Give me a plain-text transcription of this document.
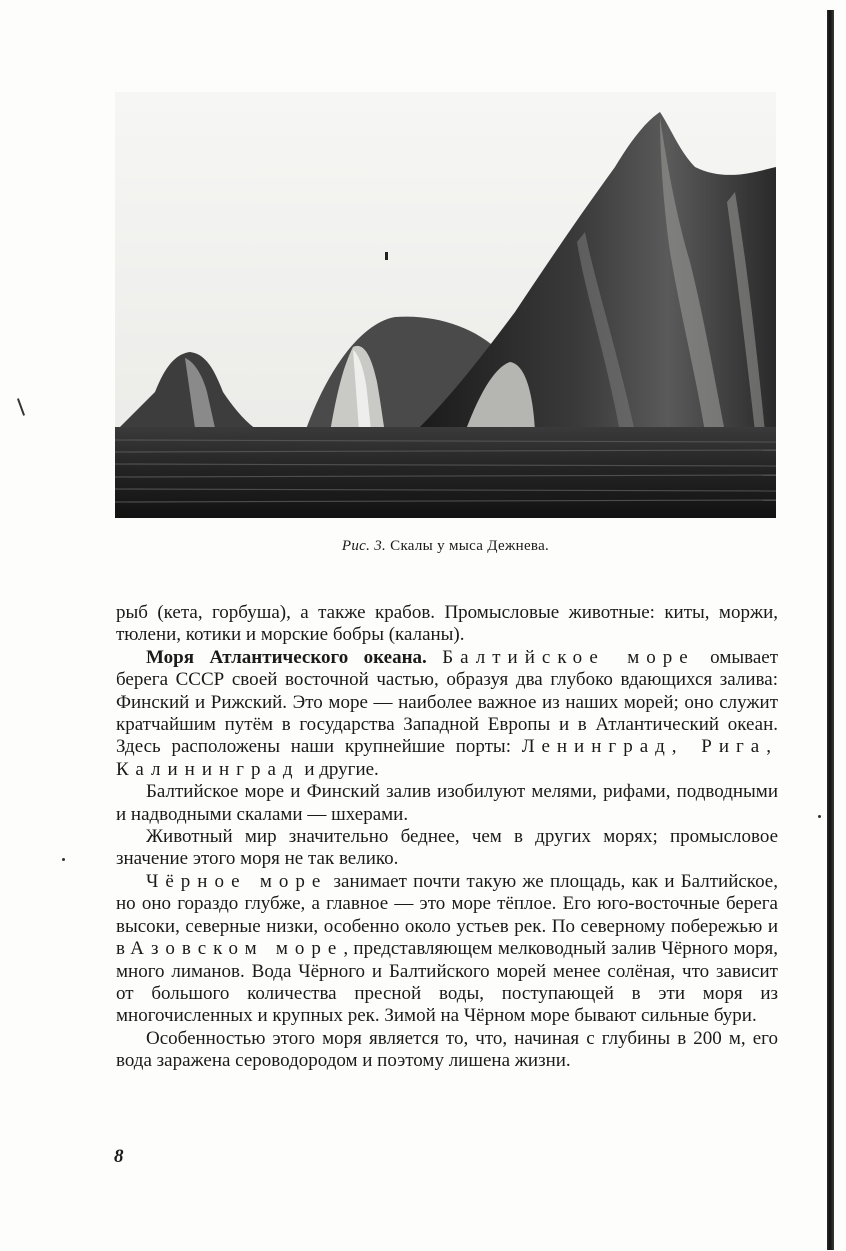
Рис. 3. Скалы у мыса Дежнева.

рыб (кета, горбуша), а также крабов. Промысловые животные: киты, моржи, тюлени, котики и морские бобры (каланы).

Моря Атлантического океана. Балтийское море омывает берега СССР своей восточной частью, образуя два глубоко вдающихся залива: Финский и Рижский. Это море — наиболее важное из наших морей; оно служит кратчайшим путём в государства Западной Европы и в Атлантический океан. Здесь расположены наши крупнейшие порты: Ленинград, Рига, Калининград и другие.

Балтийское море и Финский залив изобилуют мелями, рифами, подводными и надводными скалами — шхерами.

Животный мир значительно беднее, чем в других морях; промысловое значение этого моря не так велико.

Чёрное море занимает почти такую же площадь, как и Балтийское, но оно гораздо глубже, а главное — это море тёплое. Его юго-восточные берега высоки, северные низки, особенно около устьев рек. По северному побережью и в Азовском море, представляющем мелководный залив Чёрного моря, много лиманов. Вода Чёрного и Балтийского морей менее солёная, что зависит от большого количества пресной воды, поступающей в эти моря из многочисленных и крупных рек. Зимой на Чёрном море бывают сильные бури.

Особенностью этого моря является то, что, начиная с глубины в 200 м, его вода заражена сероводородом и поэтому лишена жизни.

8
